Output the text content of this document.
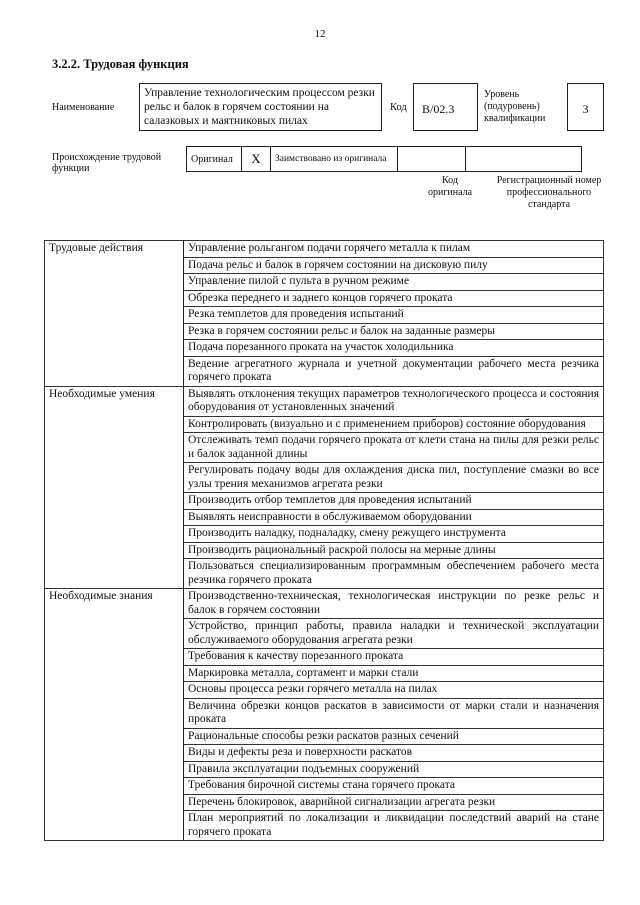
12
3.2.2. Трудовая функция
Наименование
Управление технологическим процессом резки рельс и балок в горячем состоянии на салазковых и маятниковых пилах
Код	В/02.3
Уровень (подуровень) квалификации
3
Происхождение трудовой функции
Оригинал	X	Заимствовано из оригинала		
Код оригинала
Регистрационный номер профессионального стандарта
Трудовые действия	Управление рольгангом подачи горячего металла к пилам
	Подача рельс и балок в горячем состоянии на дисковую пилу
	Управление пилой с пульта в ручном режиме
	Обрезка переднего и заднего концов горячего проката
	Резка темплетов для проведения испытаний
	Резка в горячем состоянии рельс и балок на заданные размеры
	Подача порезанного проката на участок холодильника
	Ведение агрегатного журнала и учетной документации рабочего места резчика горячего проката
Необходимые умения	Выявлять отклонения текущих параметров технологического процесса и состояния оборудования от установленных значений
	Контролировать (визуально и с применением приборов) состояние оборудования
	Отслеживать темп подачи горячего проката от клети стана на пилы для резки рельс и балок заданной длины
	Регулировать подачу воды для охлаждения диска пил, поступление смазки во все узлы трения механизмов агрегата резки
	Производить отбор темплетов для проведения испытаний
	Выявлять неисправности в обслуживаемом оборудовании
	Производить наладку, подналадку, смену режущего инструмента
	Производить рациональный раскрой полосы на мерные длины
	Пользоваться специализированным программным обеспечением рабочего места резчика горячего проката
Необходимые знания	Производственно-техническая, технологическая инструкции по резке рельс и балок в горячем состоянии
	Устройство, принцип работы, правила наладки и технической эксплуатации обслуживаемого оборудования агрегата резки
	Требования к качеству порезанного проката
	Маркировка металла, сортамент и марки стали
	Основы процесса резки горячего металла на пилах
	Величина обрезки концов раскатов в зависимости от марки стали и назначения проката
	Рациональные способы резки раскатов разных сечений
	Виды и дефекты реза и поверхности раскатов
	Правила эксплуатации подъемных сооружений
	Требования бирочной системы стана горячего проката
	Перечень блокировок, аварийной сигнализации агрегата резки
	План мероприятий по локализации и ликвидации последствий аварий на стане горячего проката
